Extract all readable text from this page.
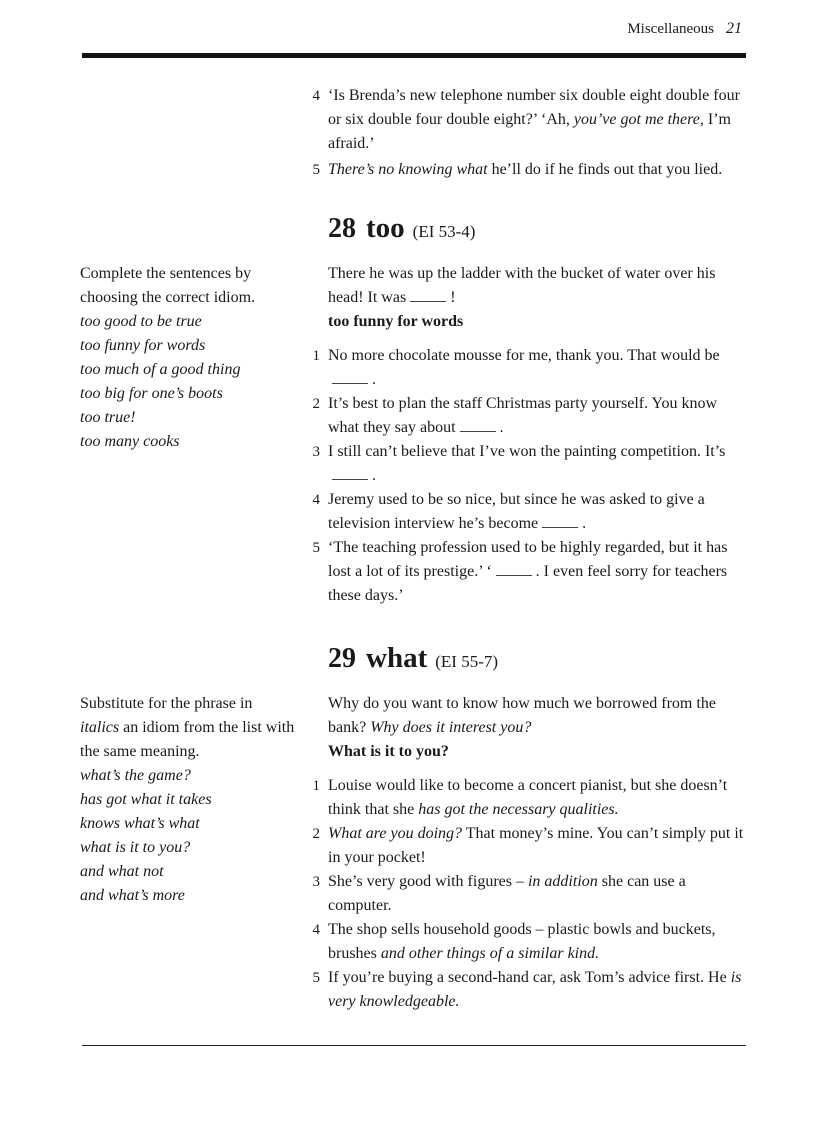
Miscellaneous 21
4 ‘Is Brenda’s new telephone number six double eight double four or six double four double eight?’ ‘Ah, you’ve got me there, I’m afraid.’
5 There’s no knowing what he’ll do if he finds out that you lied.
28 too (EI 53-4)
Complete the sentences by choosing the correct idiom.
too good to be true
too funny for words
too much of a good thing
too big for one’s boots
too true!
too many cooks
There he was up the ladder with the bucket of water over his head! It was	!
too funny for words
1 No more chocolate mousse for me, thank you. That would be.
2 It’s best to plan the staff Christmas party yourself. You know what they say about	.
3 I still can’t believe that I’ve won the painting competition. It’s.
4 Jeremy used to be so nice, but since he was asked to give a television interview he’s become	.
5 ‘The teaching profession used to be highly regarded, but it has lost a lot of its prestige.’ ‘	. I even feel sorry for teachers these days.’
29 what (EI 55-7)
Substitute for the phrase in italics an idiom from the list with the same meaning.
what’s the game?
has got what it takes
knows what’s what
what is it to you?
and what not
and what’s more
Why do you want to know how much we borrowed from the bank? Why does it interest you?
What is it to you?
1 Louise would like to become a concert pianist, but she doesn’t think that she has got the necessary qualities.
2 What are you doing? That money’s mine. You can’t simply put it in your pocket!
3 She’s very good with figures – in addition she can use a computer.
4 The shop sells household goods – plastic bowls and buckets, brushes and other things of a similar kind.
5 If you’re buying a second-hand car, ask Tom’s advice first. He is very knowledgeable.
